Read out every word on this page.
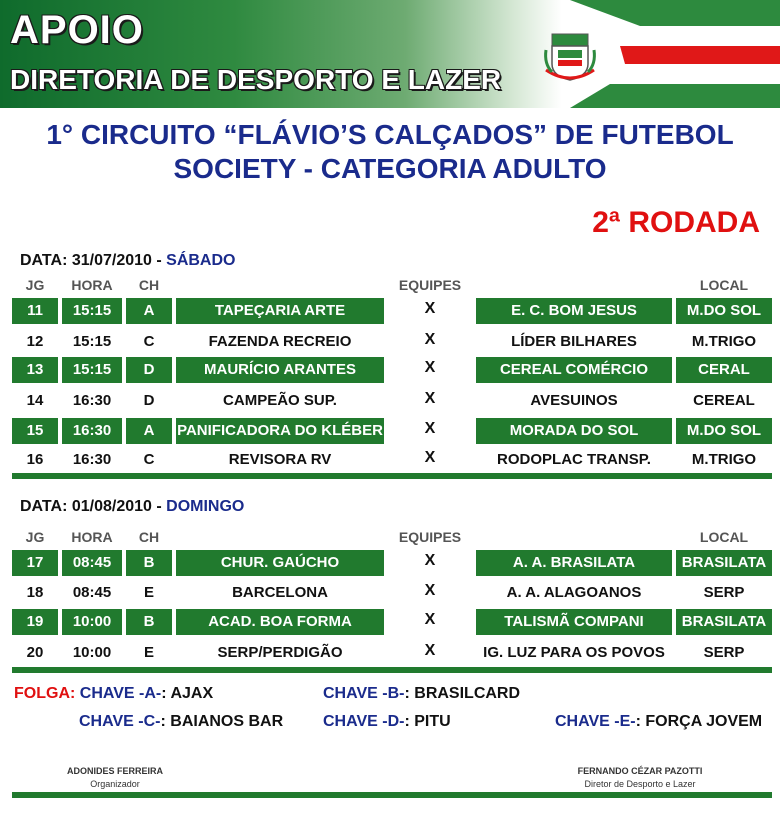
APOIO
DIRETORIA DE DESPORTO E LAZER
1° CIRCUITO “FLÁVIO’S CALÇADOS” DE FUTEBOL
SOCIETY - CATEGORIA ADULTO
2ª RODADA
DATA: 31/07/2010 - SÁBADO
JG	HORA	CH	EQUIPES	LOCAL
11	15:15	A	TAPEÇARIA ARTE	X	E. C. BOM JESUS	M.DO SOL
12	15:15	C	FAZENDA RECREIO	X	LÍDER BILHARES	M.TRIGO
13	15:15	D	MAURÍCIO ARANTES	X	CEREAL COMÉRCIO	CERAL
14	16:30	D	CAMPEÃO SUP.	X	AVESUINOS	CEREAL
15	16:30	A	PANIFICADORA DO KLÉBER	X	MORADA DO SOL	M.DO SOL
16	16:30	C	REVISORA RV	X	RODOPLAC TRANSP.	M.TRIGO
DATA: 01/08/2010 - DOMINGO
JG	HORA	CH	EQUIPES	LOCAL
17	08:45	B	CHUR. GAÚCHO	X	A. A. BRASILATA	BRASILATA
18	08:45	E	BARCELONA	X	A. A. ALAGOANOS	SERP
19	10:00	B	ACAD. BOA FORMA	X	TALISMÃ COMPANI	BRASILATA
20	10:00	E	SERP/PERDIGÃO	X	IG. LUZ PARA OS POVOS	SERP
FOLGA: CHAVE -A-: AJAX	CHAVE -B-: BRASILCARD
CHAVE -C-: BAIANOS BAR CHAVE -D-: PITU	CHAVE -E-: FORÇA JOVEM
ADONIDES FERREIRA
Organizador
FERNANDO CÉZAR PAZOTTI
Diretor de Desporto e Lazer
